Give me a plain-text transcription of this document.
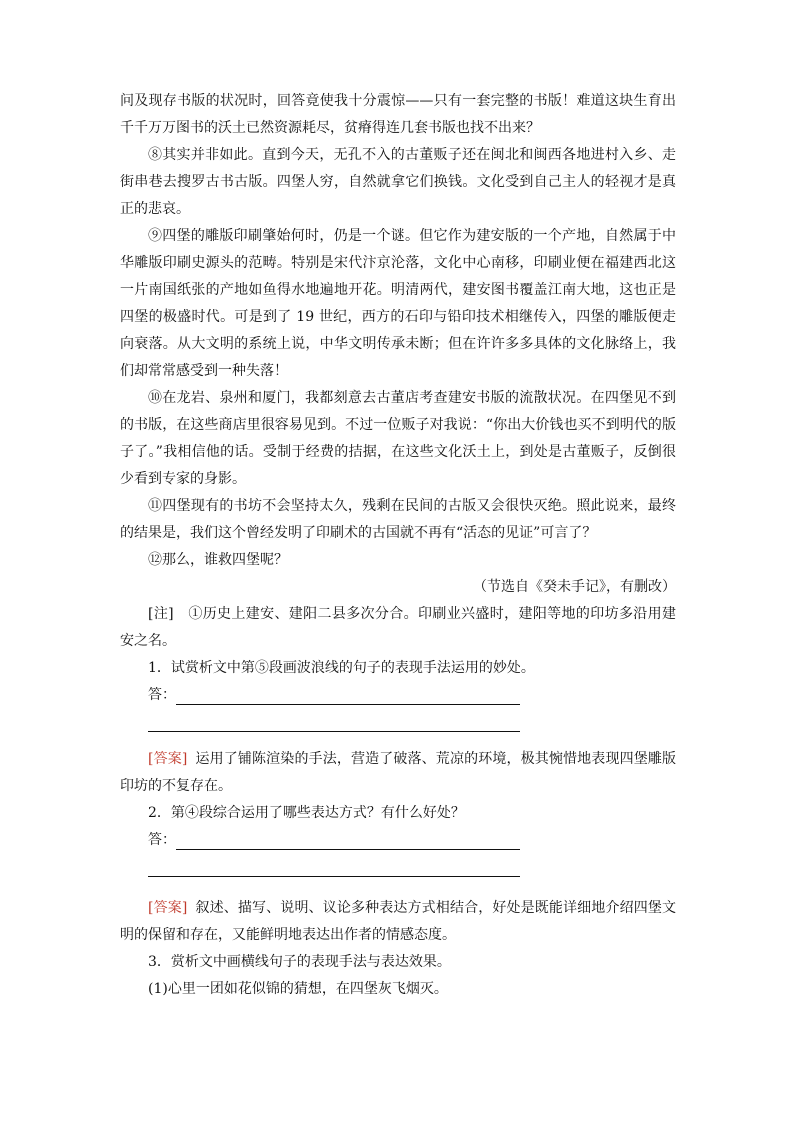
问及现存书版的状况时，回答竟使我十分震惊——只有一套完整的书版！难道这块生育出千千万万图书的沃土已然资源耗尽，贫瘠得连几套书版也找不出来？

⑧其实并非如此。直到今天，无孔不入的古董贩子还在闽北和闽西各地进村入乡、走街串巷去搜罗古书古版。四堡人穷，自然就拿它们换钱。文化受到自己主人的轻视才是真正的悲哀。

⑨四堡的雕版印刷肇始何时，仍是一个谜。但它作为建安版的一个产地，自然属于中华雕版印刷史源头的范畴。特别是宋代汴京沦落，文化中心南移，印刷业便在福建西北这一片南国纸张的产地如鱼得水地遍地开花。明清两代，建安图书覆盖江南大地，这也正是四堡的极盛时代。可是到了 19 世纪，西方的石印与铅印技术相继传入，四堡的雕版便走向衰落。从大文明的系统上说，中华文明传承未断；但在许许多多具体的文化脉络上，我们却常常感受到一种失落！

⑩在龙岩、泉州和厦门，我都刻意去古董店考查建安书版的流散状况。在四堡见不到的书版，在这些商店里很容易见到。不过一位贩子对我说：“你出大价钱也买不到明代的版子了。”我相信他的话。受制于经费的拮据，在这些文化沃土上，到处是古董贩子，反倒很少看到专家的身影。

⑪四堡现有的书坊不会坚持太久，残剩在民间的古版又会很快灭绝。照此说来，最终的结果是，我们这个曾经发明了印刷术的古国就不再有“活态的见证”可言了？

⑫那么，谁救四堡呢？

（节选自《癸未手记》，有删改）

[注]　①历史上建安、建阳二县多次分合。印刷业兴盛时，建阳等地的印坊多沿用建安之名。

1．试赏析文中第⑤段画波浪线的句子的表现手法运用的妙处。

答：

[答案] 运用了铺陈渲染的手法，营造了破落、荒凉的环境，极其惋惜地表现四堡雕版印坊的不复存在。

2．第④段综合运用了哪些表达方式？有什么好处？

答：

[答案] 叙述、描写、说明、议论多种表达方式相结合，好处是既能详细地介绍四堡文明的保留和存在，又能鲜明地表达出作者的情感态度。

3．赏析文中画横线句子的表现手法与表达效果。

(1)心里一团如花似锦的猜想，在四堡灰飞烟灭。
